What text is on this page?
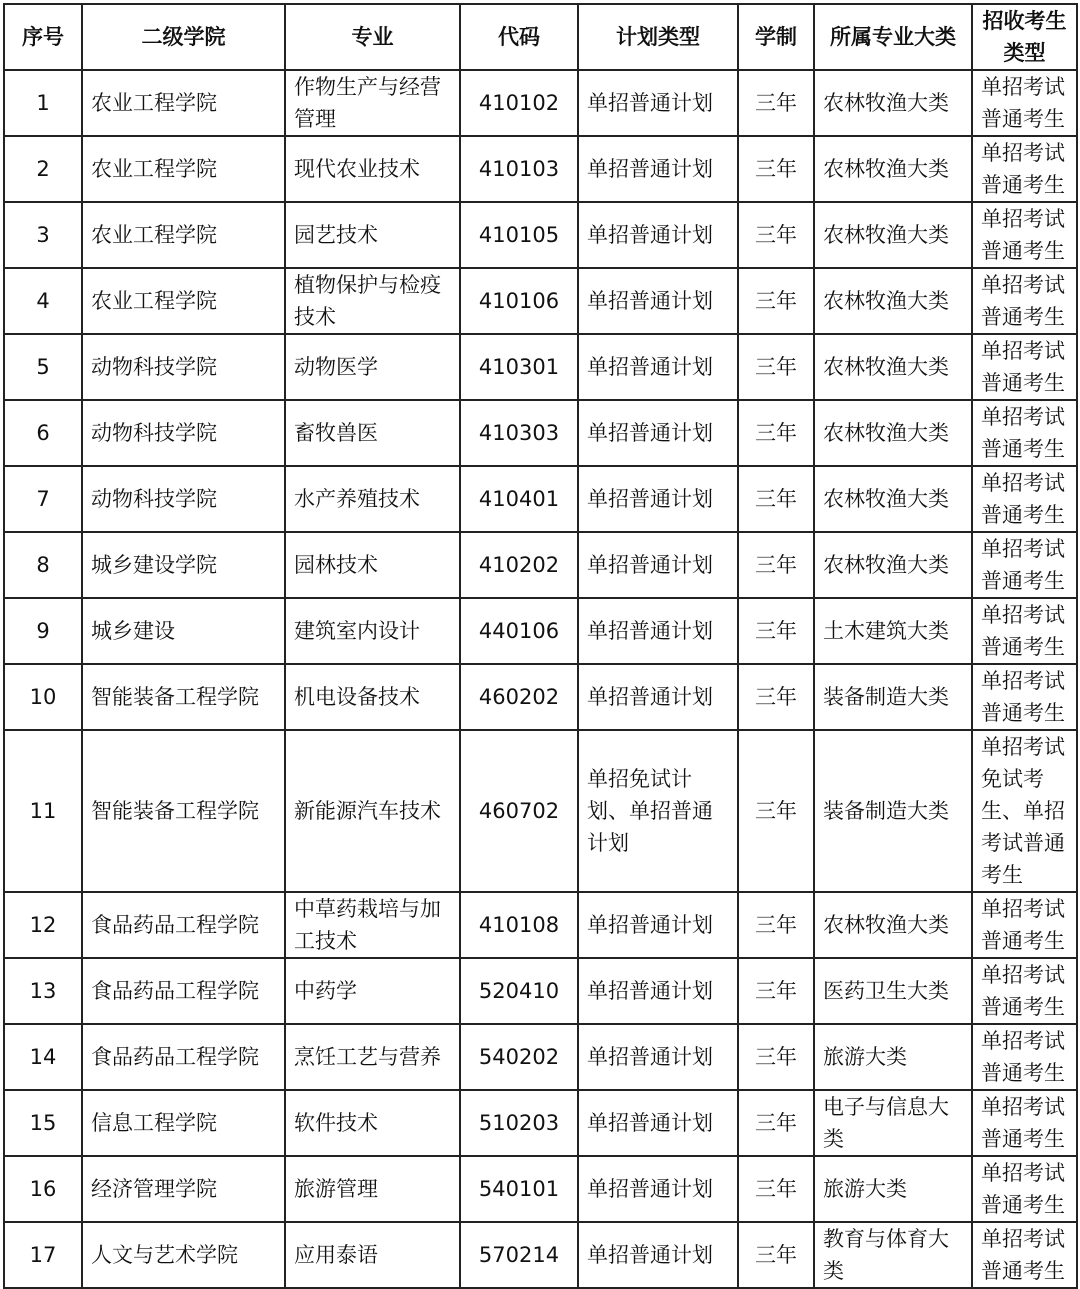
序号	二级学院	专业	代码	计划类型	学制	所属专业大类	招收考生类型
1	农业工程学院	作物生产与经营管理	410102	单招普通计划	三年	农林牧渔大类	单招考试普通考生
2	农业工程学院	现代农业技术	410103	单招普通计划	三年	农林牧渔大类	单招考试普通考生
3	农业工程学院	园艺技术	410105	单招普通计划	三年	农林牧渔大类	单招考试普通考生
4	农业工程学院	植物保护与检疫技术	410106	单招普通计划	三年	农林牧渔大类	单招考试普通考生
5	动物科技学院	动物医学	410301	单招普通计划	三年	农林牧渔大类	单招考试普通考生
6	动物科技学院	畜牧兽医	410303	单招普通计划	三年	农林牧渔大类	单招考试普通考生
7	动物科技学院	水产养殖技术	410401	单招普通计划	三年	农林牧渔大类	单招考试普通考生
8	城乡建设学院	园林技术	410202	单招普通计划	三年	农林牧渔大类	单招考试普通考生
9	城乡建设	建筑室内设计	440106	单招普通计划	三年	土木建筑大类	单招考试普通考生
10	智能装备工程学院	机电设备技术	460202	单招普通计划	三年	装备制造大类	单招考试普通考生
11	智能装备工程学院	新能源汽车技术	460702	单招免试计划、单招普通计划	三年	装备制造大类	单招考试免试考生、单招考试普通考生
12	食品药品工程学院	中草药栽培与加工技术	410108	单招普通计划	三年	农林牧渔大类	单招考试普通考生
13	食品药品工程学院	中药学	520410	单招普通计划	三年	医药卫生大类	单招考试普通考生
14	食品药品工程学院	烹饪工艺与营养	540202	单招普通计划	三年	旅游大类	单招考试普通考生
15	信息工程学院	软件技术	510203	单招普通计划	三年	电子与信息大类	单招考试普通考生
16	经济管理学院	旅游管理	540101	单招普通计划	三年	旅游大类	单招考试普通考生
17	人文与艺术学院	应用泰语	570214	单招普通计划	三年	教育与体育大类	单招考试普通考生
